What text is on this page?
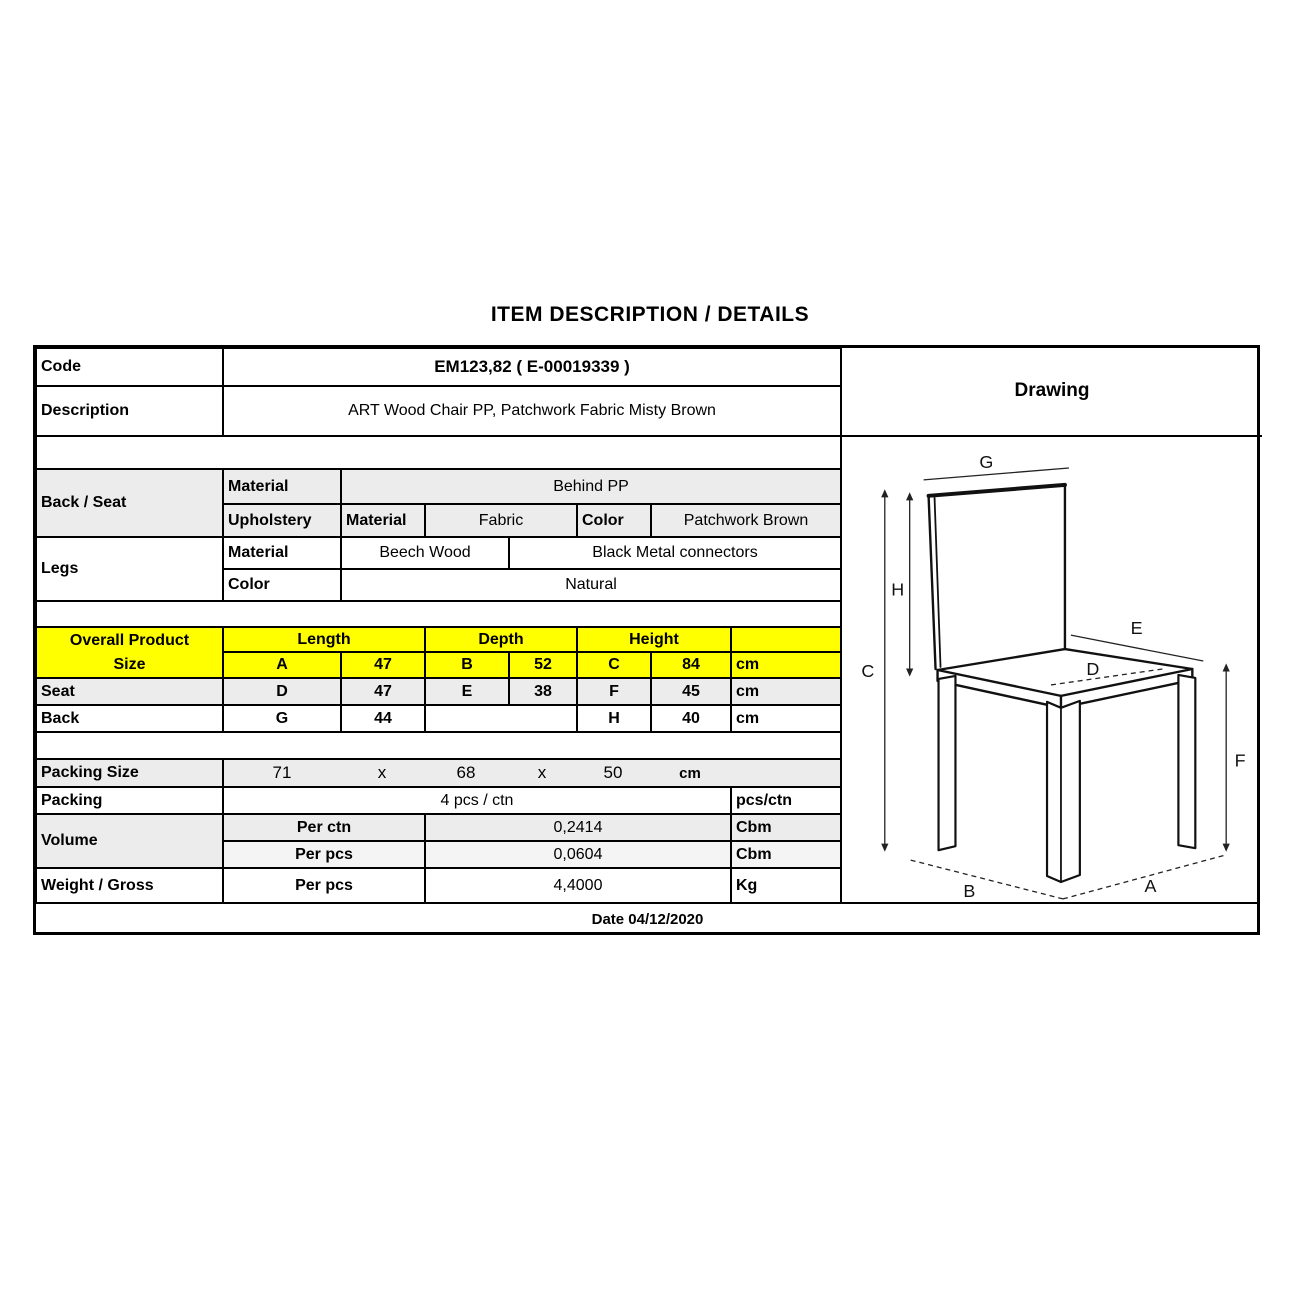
ITEM DESCRIPTION / DETAILS
Code	EM123,82 ( E-00019339 )						
Description	ART Wood Chair PP, Patchwork Fabric Misty Brown						

Back / Seat	Material	Behind PP					
	Upholstery	Material	Fabric		Color	Patchwork Brown	
Legs	Material	Beech Wood		Black Metal connectors			
	Color	Natural					

Overall Product
Size	Length		Depth		Height		
	A	47	B	52	C	84	cm
Seat	D	47	E	38	F	45	cm
Back	G	44			H	40	cm

Packing Size	71	x	68	x	50	cm

Packing	4 pcs / ctn						pcs/ctn
Volume	Per ctn		0,2414				Cbm
	Per pcs		0,0604				Cbm
Weight / Gross	Per pcs		4,4000				Kg
Drawing
G
H
C
E
D
F
B	A
Date 04/12/2020
